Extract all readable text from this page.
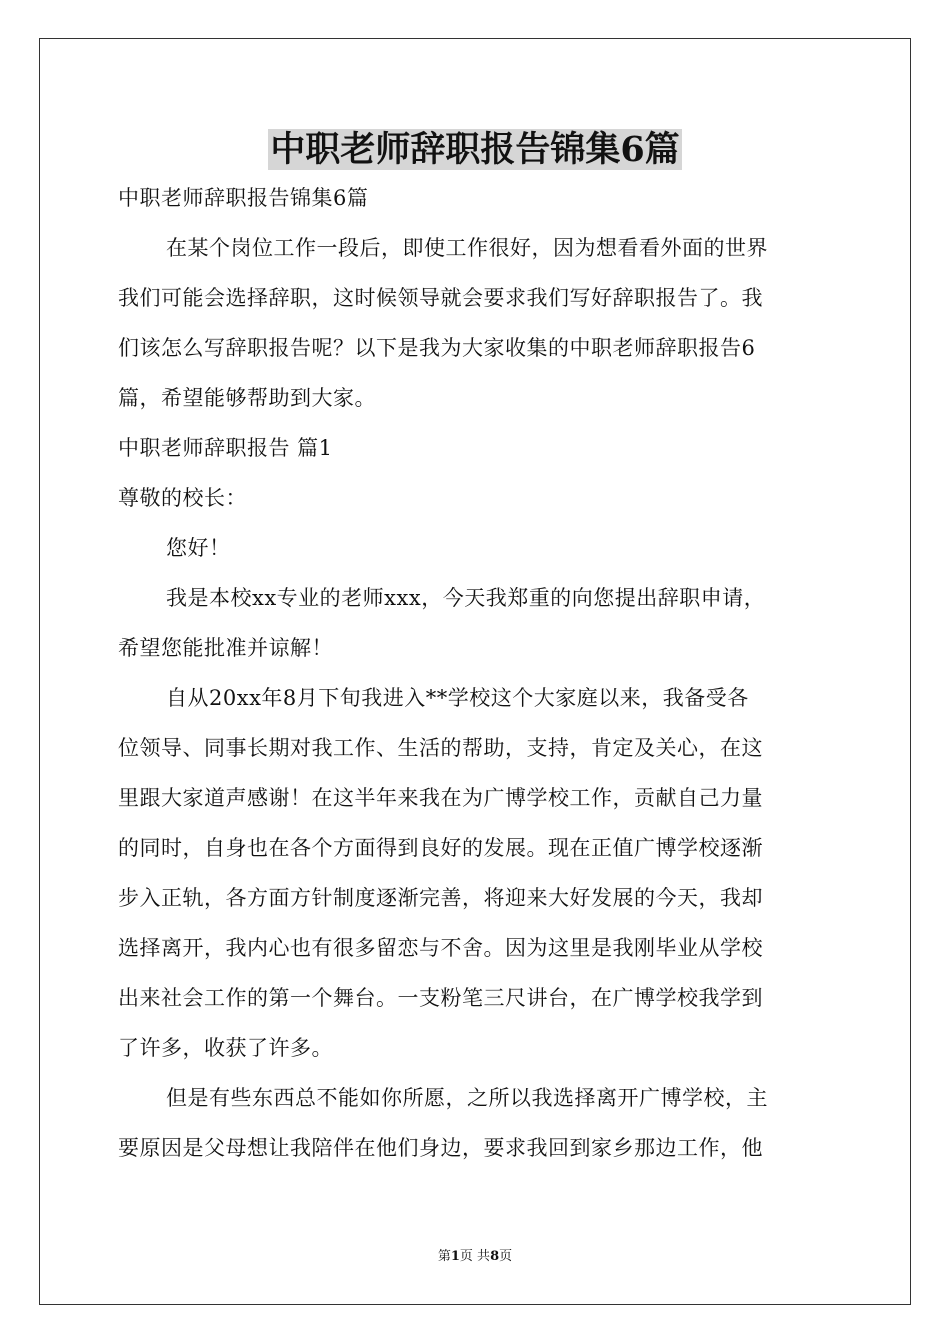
中职老师辞职报告锦集6篇

中职老师辞职报告锦集6篇

在某个岗位工作一段后，即使工作很好，因为想看看外面的世界

我们可能会选择辞职，这时候领导就会要求我们写好辞职报告了。我

们该怎么写辞职报告呢？以下是我为大家收集的中职老师辞职报告6

篇，希望能够帮助到大家。

中职老师辞职报告 篇1

尊敬的校长：

您好！

我是本校xx专业的老师xxx，今天我郑重的向您提出辞职申请，

希望您能批准并谅解！

自从20xx年8月下旬我进入**学校这个大家庭以来，我备受各

位领导、同事长期对我工作、生活的帮助，支持，肯定及关心，在这

里跟大家道声感谢！在这半年来我在为广博学校工作，贡献自己力量

的同时，自身也在各个方面得到良好的发展。现在正值广博学校逐渐

步入正轨，各方面方针制度逐渐完善，将迎来大好发展的今天，我却

选择离开，我内心也有很多留恋与不舍。因为这里是我刚毕业从学校

出来社会工作的第一个舞台。一支粉笔三尺讲台，在广博学校我学到

了许多，收获了许多。

但是有些东西总不能如你所愿，之所以我选择离开广博学校，主

要原因是父母想让我陪伴在他们身边，要求我回到家乡那边工作，他

第1页 共8页
